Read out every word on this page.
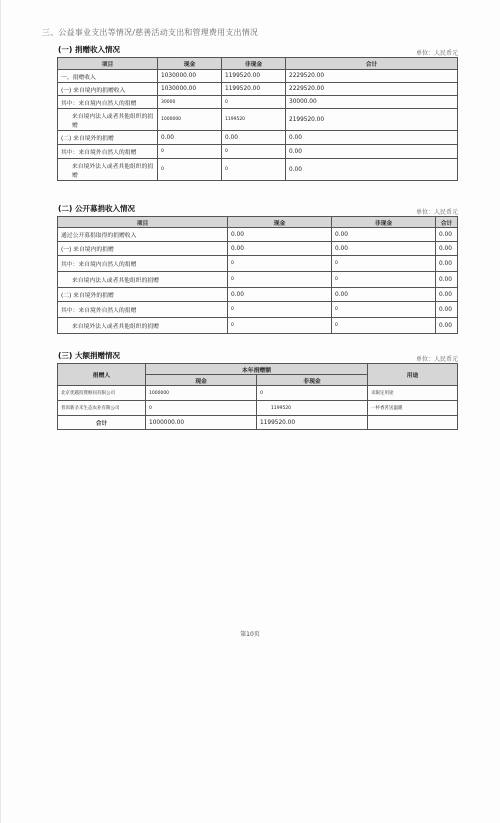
三、公益事业支出等情况/慈善活动支出和管理费用支出情况
(一) 捐赠收入情况	单位：人民币元
项目	现金	非现金	合计
一、捐赠收入	1030000.00	1199520.00	2229520.00
(一) 来自境内的捐赠收入	1030000.00	1199520.00	2229520.00
其中：来自境内自然人的捐赠	30000	0	30000.00
来自境内法人或者其他组织的捐赠	1000000	1199520	2199520.00
(二) 来自境外的捐赠	0.00	0.00	0.00
其中：来自境外自然人的捐赠	0	0	0.00
来自境外法人或者其他组织的捐赠	0	0	0.00
(二) 公开募捐收入情况	单位：人民币元
项目	现金	非现金	合计
通过公开募捐取得的捐赠收入	0.00	0.00	0.00
(一) 来自境内的捐赠	0.00	0.00	0.00
其中：来自境内自然人的捐赠	0	0	0.00
来自境内法人或者其他组织的捐赠	0	0	0.00
(二) 来自境外的捐赠	0.00	0.00	0.00
其中：来自境外自然人的捐赠	0	0	0.00
来自境外法人或者其他组织的捐赠	0	0	0.00
(三) 大额捐赠情况	单位：人民币元
捐赠人	本年捐赠额		用途
	现金	非现金	
北京优越投资顾问有限公司	1000000	0	未限定用途
普洱新圣禾生态农业有限公司	0	1199520	一杯香茗送温暖
合计	1000000.00	1199520.00	
第10页
